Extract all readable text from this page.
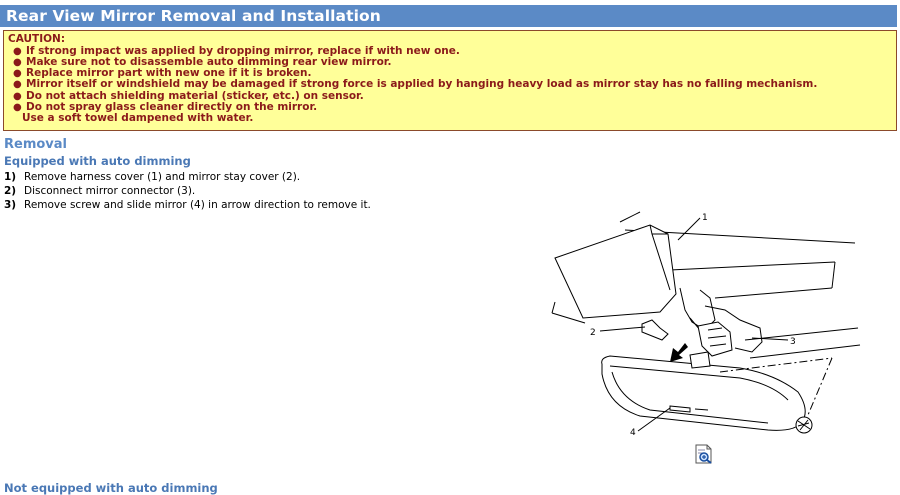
Rear View Mirror Removal and Installation
CAUTION:
● If strong impact was applied by dropping mirror, replace if with new one.
● Make sure not to disassemble auto dimming rear view mirror.
● Replace mirror part with new one if it is broken.
● Mirror itself or windshield may be damaged if strong force is applied by hanging heavy load as mirror stay has no falling mechanism.
● Do not attach shielding material (sticker, etc.) on sensor.
● Do not spray glass cleaner directly on the mirror.
Use a soft towel dampened with water.
Removal
Equipped with auto dimming
1) Remove harness cover (1) and mirror stay cover (2).
2) Disconnect mirror connector (3).
3) Remove screw and slide mirror (4) in arrow direction to remove it.
1
2
3
4
Not equipped with auto dimming
